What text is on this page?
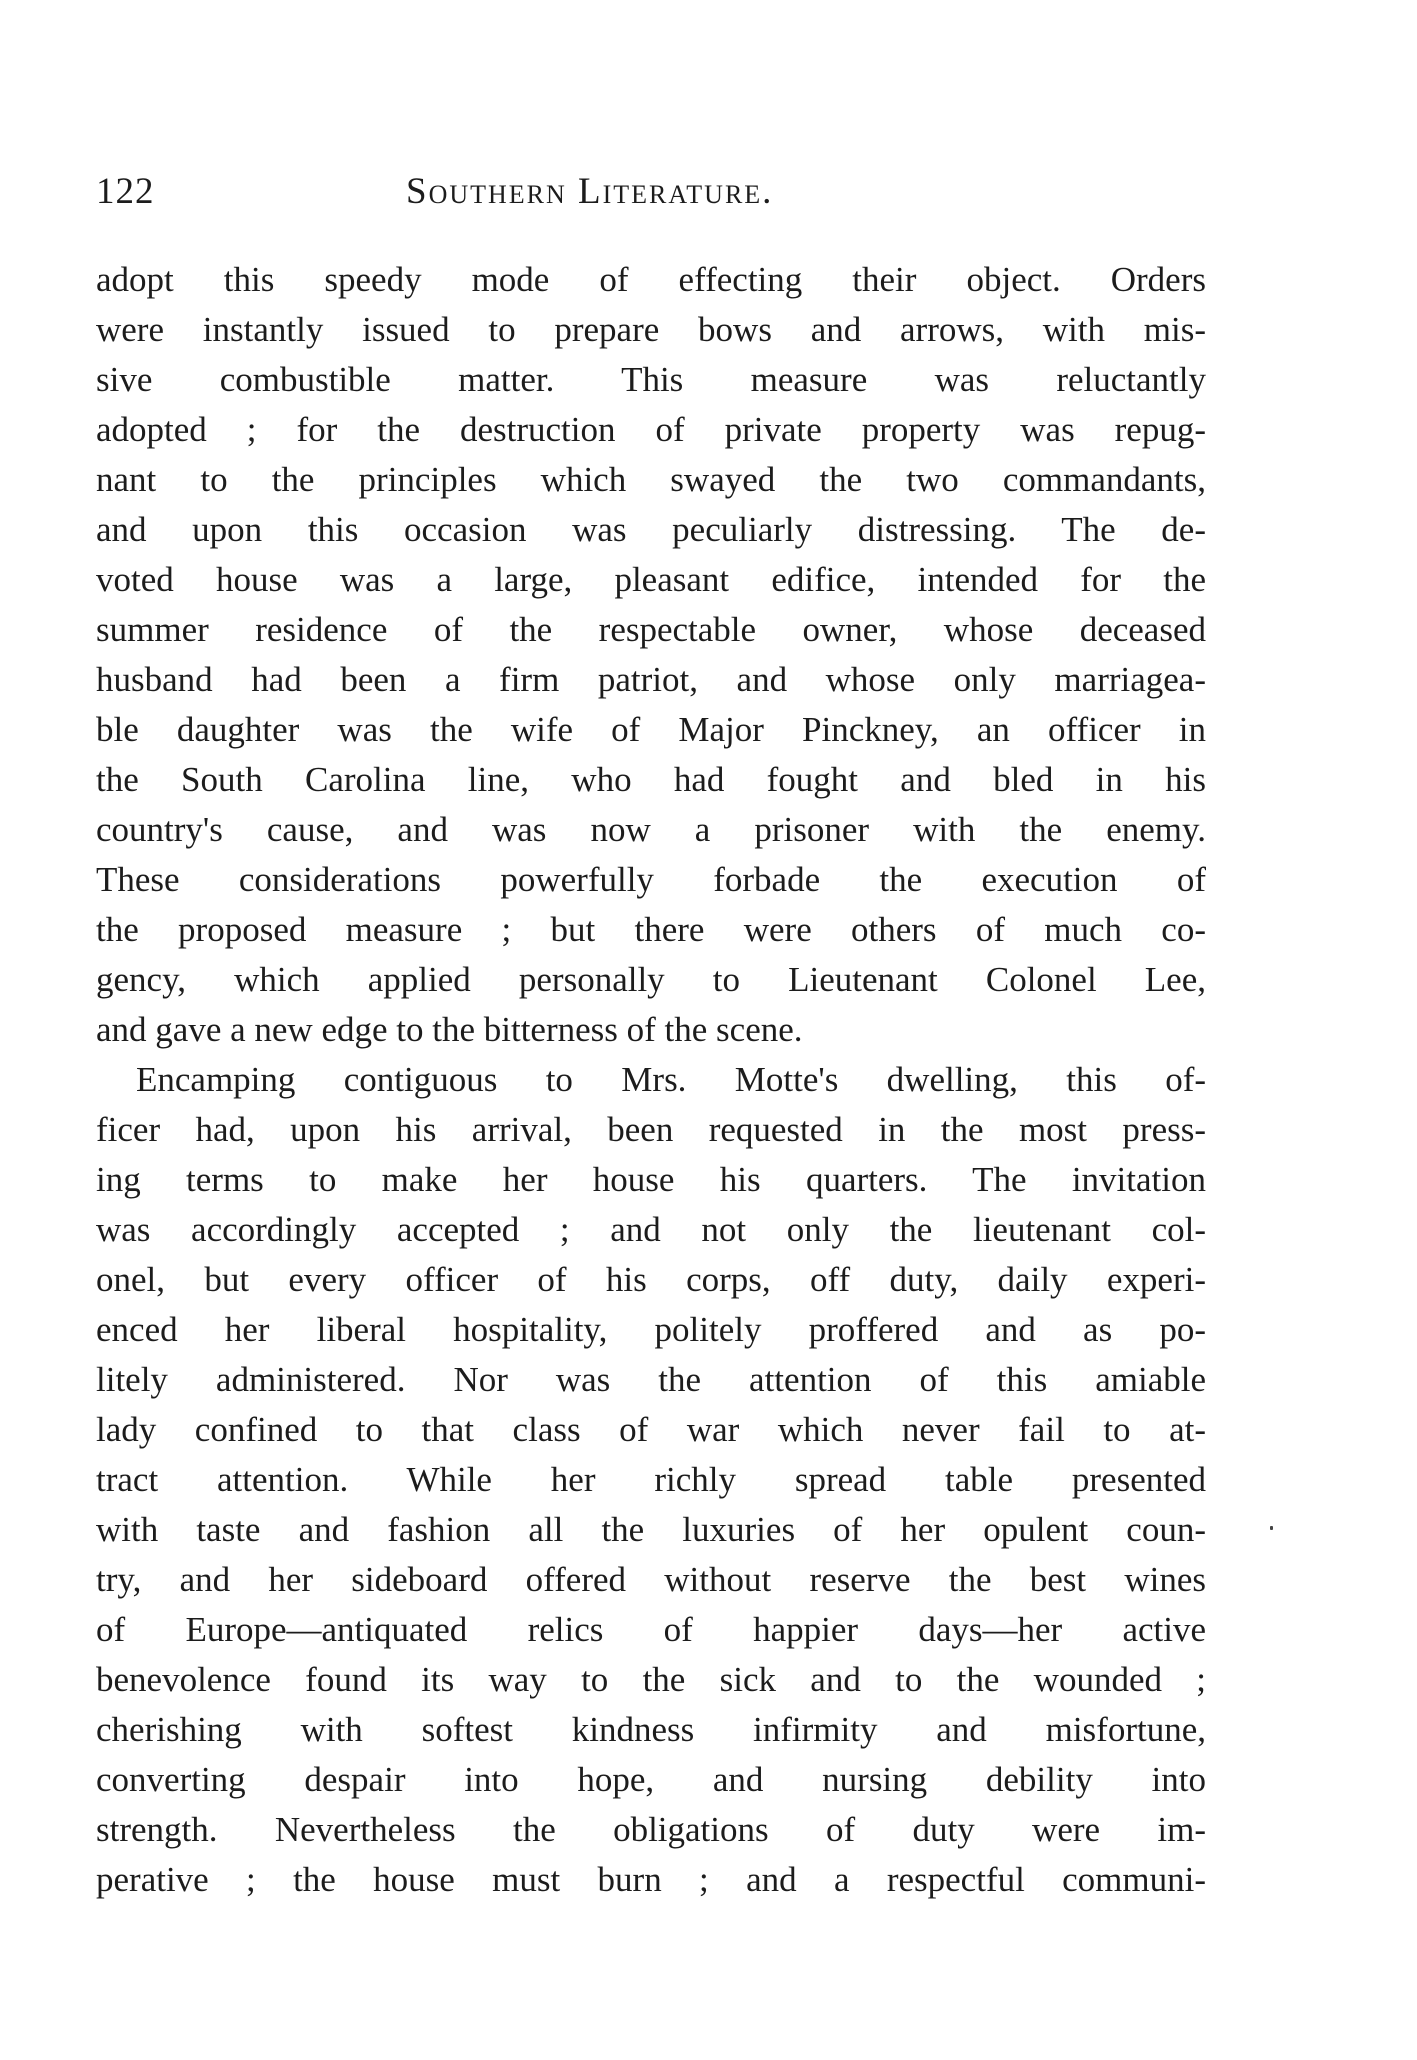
122	Southern Literature.
adopt this speedy mode of effecting their object. Orders
were instantly issued to prepare bows and arrows, with mis-
sive combustible matter. This measure was reluctantly
adopted ; for the destruction of private property was repug-
nant to the principles which swayed the two commandants,
and upon this occasion was peculiarly distressing. The de-
voted house was a large, pleasant edifice, intended for the
summer residence of the respectable owner, whose deceased
husband had been a firm patriot, and whose only marriagea-
ble daughter was the wife of Major Pinckney, an officer in
the South Carolina line, who had fought and bled in his
country's cause, and was now a prisoner with the enemy.
These considerations powerfully forbade the execution of
the proposed measure ; but there were others of much co-
gency, which applied personally to Lieutenant Colonel Lee,
and gave a new edge to the bitterness of the scene.
Encamping contiguous to Mrs. Motte's dwelling, this of-
ficer had, upon his arrival, been requested in the most press-
ing terms to make her house his quarters. The invitation
was accordingly accepted ; and not only the lieutenant col-
onel, but every officer of his corps, off duty, daily experi-
enced her liberal hospitality, politely proffered and as po-
litely administered. Nor was the attention of this amiable
lady confined to that class of war which never fail to at-
tract attention. While her richly spread table presented
with taste and fashion all the luxuries of her opulent coun-
try, and her sideboard offered without reserve the best wines
of Europe—antiquated relics of happier days—her active
benevolence found its way to the sick and to the wounded ;
cherishing with softest kindness infirmity and misfortune,
converting despair into hope, and nursing debility into
strength. Nevertheless the obligations of duty were im-
perative ; the house must burn ; and a respectful communi-
